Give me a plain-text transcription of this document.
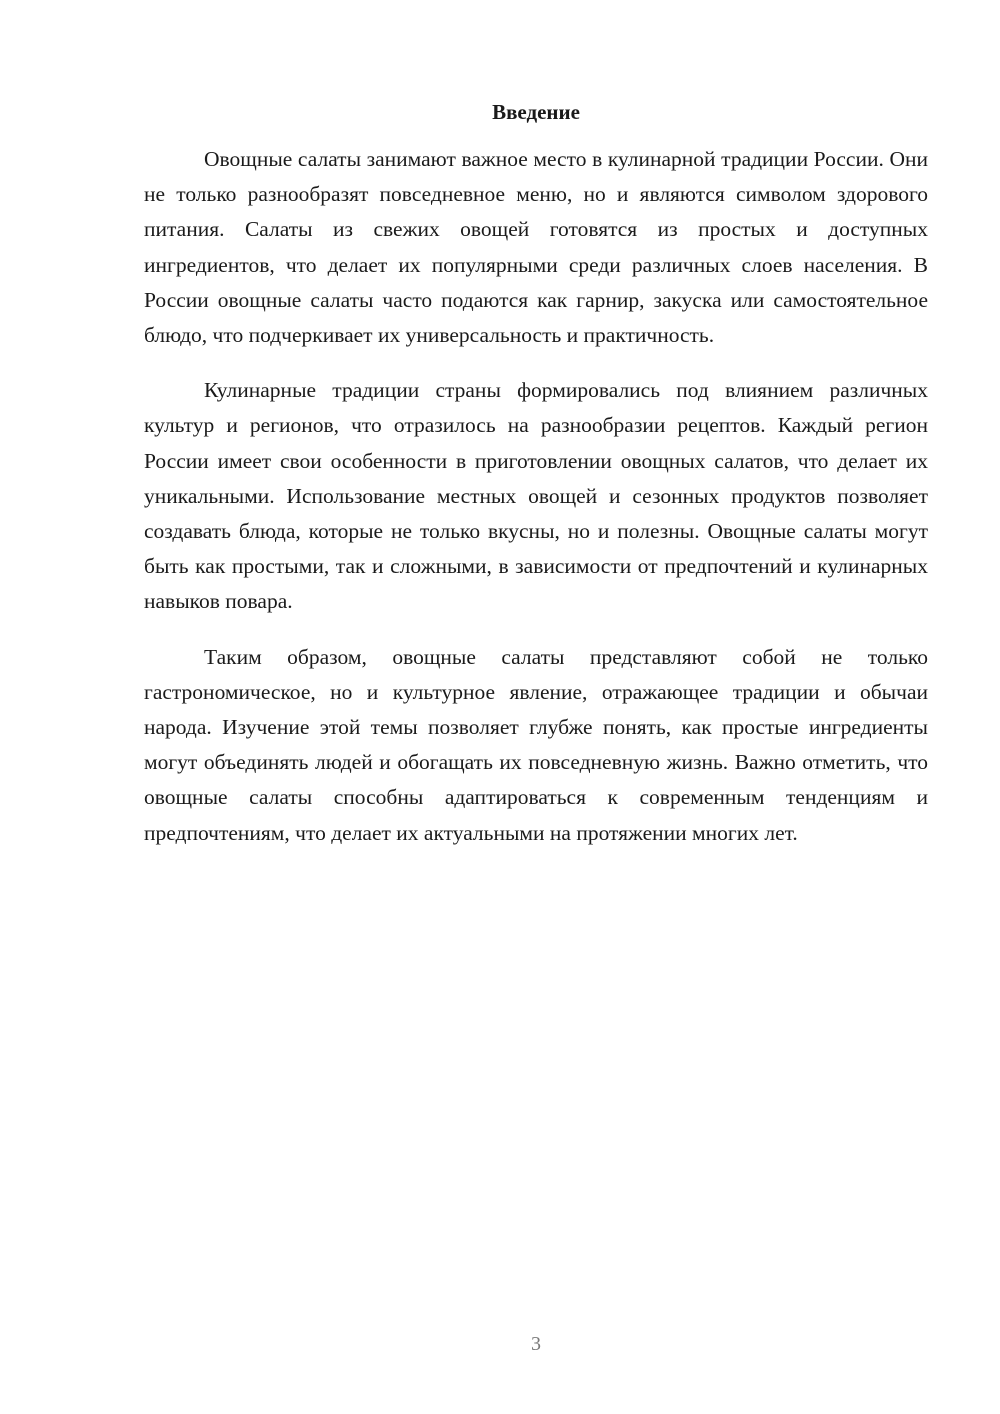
Введение

Овощные салаты занимают важное место в кулинарной традиции России. Они не только разнообразят повседневное меню, но и являются символом здорового питания. Салаты из свежих овощей готовятся из простых и доступных ингредиентов, что делает их популярными среди различных слоев населения. В России овощные салаты часто подаются как гарнир, закуска или самостоятельное блюдо, что подчеркивает их универсальность и практичность.

Кулинарные традиции страны формировались под влиянием различных культур и регионов, что отразилось на разнообразии рецептов. Каждый регион России имеет свои особенности в приготовлении овощных салатов, что делает их уникальными. Использование местных овощей и сезонных продуктов позволяет создавать блюда, которые не только вкусны, но и полезны. Овощные салаты могут быть как простыми, так и сложными, в зависимости от предпочтений и кулинарных навыков повара.

Таким образом, овощные салаты представляют собой не только гастрономическое, но и культурное явление, отражающее традиции и обычаи народа. Изучение этой темы позволяет глубже понять, как простые ингредиенты могут объединять людей и обогащать их повседневную жизнь. Важно отметить, что овощные салаты способны адаптироваться к современным тенденциям и предпочтениям, что делает их актуальными на протяжении многих лет.

3
